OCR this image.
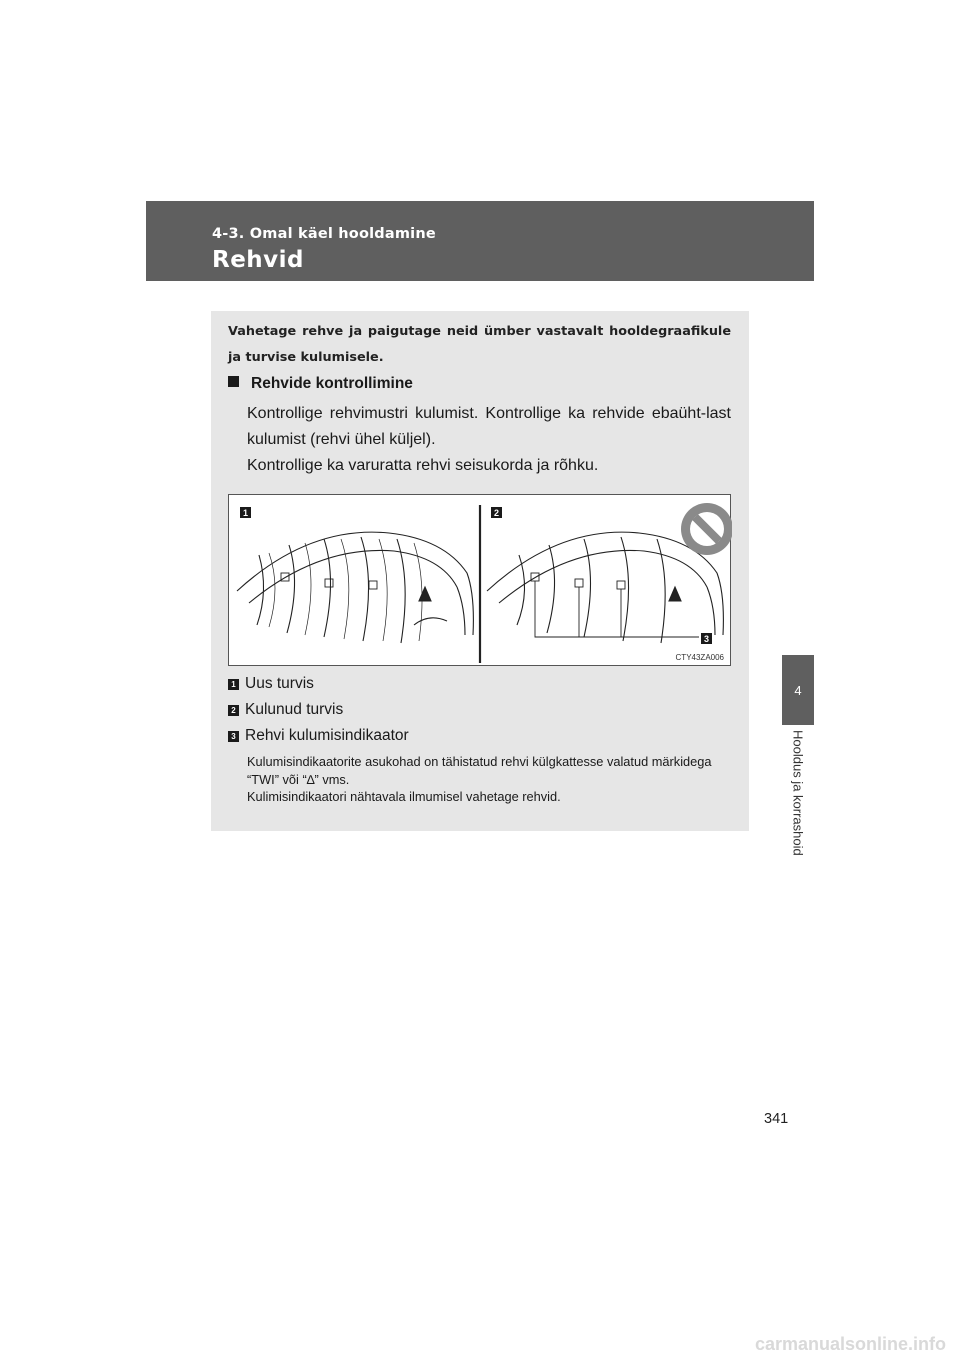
4-3. Omal käel hooldamine
Rehvid
4
Hooldus ja korrashoid
Vahetage rehve ja paigutage neid ümber vastavalt hooldegraafikule ja turvise kulumisele.
Rehvide kontrollimine
Kontrollige rehvimustri kulumist. Kontrollige ka rehvide ebaüht-last kulumist (rehvi ühel küljel).
Kontrollige ka varuratta rehvi seisukorda ja rõhku.
1	2
3
CTY43ZA006
1 Uus turvis
2 Kulunud turvis
3 Rehvi kulumisindikaator
Kulumisindikaatorite asukohad on tähistatud rehvi külgkattesse valatud märkidega “TWI” või “∆” vms.
Kulimisindikaatori nähtavala ilmumisel vahetage rehvid.
341
carmanualsonline.info
